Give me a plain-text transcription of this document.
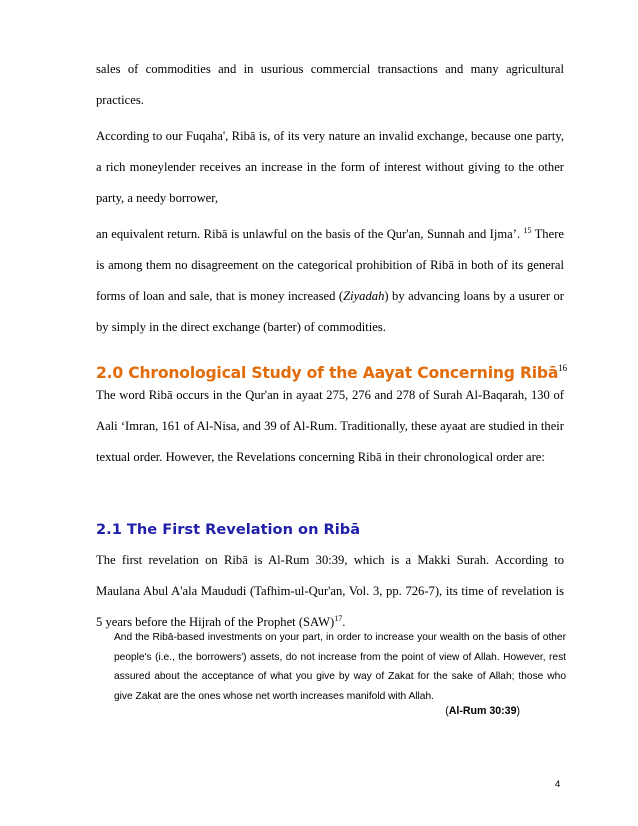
sales of commodities and in usurious commercial transactions and many agricultural practices.

According to our Fuqaha', Ribā is, of its very nature an invalid exchange, because one party, a rich moneylender receives an increase in the form of interest without giving to the other party, a needy borrower,

an equivalent return. Ribā is unlawful on the basis of the Qur'an, Sunnah and Ijma’. $^{15}$ There is among them no disagreement on the categorical prohibition of Ribā in both of its general forms of loan and sale, that is money increased (Ziyadah) by advancing loans by a usurer or by simply in the direct exchange (barter) of commodities.

2.0 Chronological Study of the Aayat Concerning Ribā$^{16}$

The word Ribā occurs in the Qur'an in ayaat 275, 276 and 278 of Surah Al-Baqarah, 130 of Aali ‘Imran, 161 of Al-Nisa, and 39 of Al-Rum. Traditionally, these ayaat are studied in their textual order. However, the Revelations concerning Ribā in their chronological order are:

2.1 The First Revelation on Ribā

The first revelation on Ribā is Al-Rum 30:39, which is a Makki Surah. According to Maulana Abul A'ala Maududi (Tafhim-ul-Qur'an, Vol. 3, pp. 726-7), its time of revelation is 5 years before the Hijrah of the Prophet (SAW)$^{17}$.

And the Ribā-based investments on your part, in order to increase your wealth on the basis of other people's (i.e., the borrowers') assets, do not increase from the point of view of Allah. However, rest assured about the acceptance of what you give by way of Zakat for the sake of Allah; those who give Zakat are the ones whose net worth increases manifold with Allah.

(Al-Rum 30:39)
4
